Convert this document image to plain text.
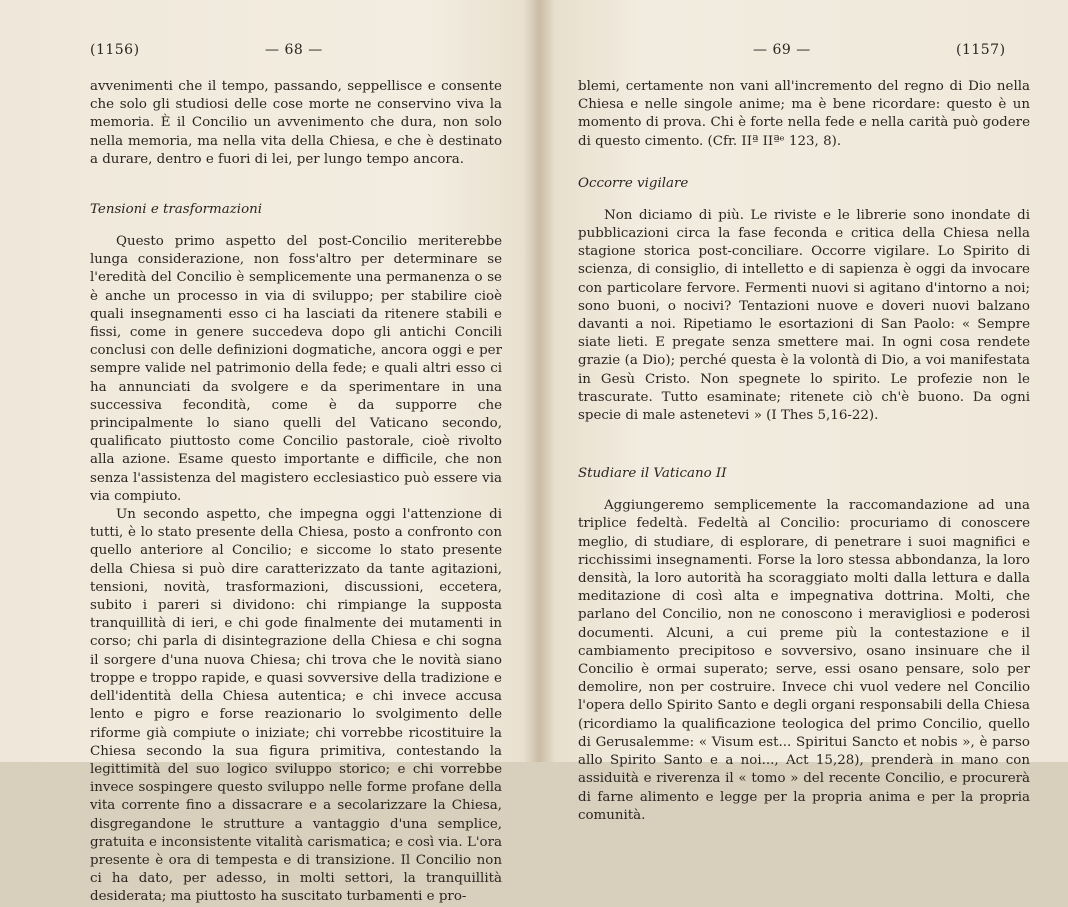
(1156)	— 68 —

avvenimenti che il tempo, passando, seppellisce e consente che solo gli studiosi delle cose morte ne conservino viva la memoria. È il Concilio un avvenimento che dura, non solo nella memoria, ma nella vita della Chiesa, e che è destinato a durare, dentro e fuori di lei, per lungo tempo ancora.

Tensioni e trasformazioni

Questo primo aspetto del post-Concilio meriterebbe lunga considerazione, non foss'altro per determinare se l'eredità del Concilio è semplicemente una permanenza o se è anche un processo in via di sviluppo; per stabilire cioè quali insegnamenti esso ci ha lasciati da ritenere stabili e fissi, come in genere succedeva dopo gli antichi Concili conclusi con delle definizioni dogmatiche, ancora oggi e per sempre valide nel patrimonio della fede; e quali altri esso ci ha annunciati da svolgere e da sperimentare in una successiva fecondità, come è da supporre che principalmente lo siano quelli del Vaticano secondo, qualificato piuttosto come Concilio pastorale, cioè rivolto alla azione. Esame questo importante e difficile, che non senza l'assistenza del magistero ecclesiastico può essere via via compiuto.

Un secondo aspetto, che impegna oggi l'attenzione di tutti, è lo stato presente della Chiesa, posto a confronto con quello anteriore al Concilio; e siccome lo stato presente della Chiesa si può dire caratterizzato da tante agitazioni, tensioni, novità, trasformazioni, discussioni, eccetera, subito i pareri si dividono: chi rimpiange la supposta tranquillità di ieri, e chi gode finalmente dei mutamenti in corso; chi parla di disintegrazione della Chiesa e chi sogna il sorgere d'una nuova Chiesa; chi trova che le novità siano troppe e troppo rapide, e quasi sovversive della tradizione e dell'identità della Chiesa autentica; e chi invece accusa lento e pigro e forse reazionario lo svolgimento delle riforme già compiute o iniziate; chi vorrebbe ricostituire la Chiesa secondo la sua figura primitiva, contestando la legittimità del suo logico sviluppo storico; e chi vorrebbe invece sospingere questo sviluppo nelle forme profane della vita corrente fino a dissacrare e a secolarizzare la Chiesa, disgregandone le strutture a vantaggio d'una semplice, gratuita e inconsistente vitalità carismatica; e così via. L'ora presente è ora di tempesta e di transizione. Il Concilio non ci ha dato, per adesso, in molti settori, la tranquillità desiderata; ma piuttosto ha suscitato turbamenti e pro-

— 69 —	(1157)

blemi, certamente non vani all'incremento del regno di Dio nella Chiesa e nelle singole anime; ma è bene ricordare: questo è un momento di prova. Chi è forte nella fede e nella carità può godere di questo cimento. (Cfr. IIª IIªᵉ 123, 8).

Occorre vigilare

Non diciamo di più. Le riviste e le librerie sono inondate di pubblicazioni circa la fase feconda e critica della Chiesa nella stagione storica post-conciliare. Occorre vigilare. Lo Spirito di scienza, di consiglio, di intelletto e di sapienza è oggi da invocare con particolare fervore. Fermenti nuovi si agitano d'intorno a noi; sono buoni, o nocivi? Tentazioni nuove e doveri nuovi balzano davanti a noi. Ripetiamo le esortazioni di San Paolo: « Sempre siate lieti. E pregate senza smettere mai. In ogni cosa rendete grazie (a Dio); perché questa è la volontà di Dio, a voi manifestata in Gesù Cristo. Non spegnete lo spirito. Le profezie non le trascurate. Tutto esaminate; ritenete ciò ch'è buono. Da ogni specie di male astenetevi » (I Thes 5,16-22).

Studiare il Vaticano II

Aggiungeremo semplicemente la raccomandazione ad una triplice fedeltà. Fedeltà al Concilio: procuriamo di conoscere meglio, di studiare, di esplorare, di penetrare i suoi magnifici e ricchissimi insegnamenti. Forse la loro stessa abbondanza, la loro densità, la loro autorità ha scoraggiato molti dalla lettura e dalla meditazione di così alta e impegnativa dottrina. Molti, che parlano del Concilio, non ne conoscono i meravigliosi e poderosi documenti. Alcuni, a cui preme più la contestazione e il cambiamento precipitoso e sovversivo, osano insinuare che il Concilio è ormai superato; serve, essi osano pensare, solo per demolire, non per costruire. Invece chi vuol vedere nel Concilio l'opera dello Spirito Santo e degli organi responsabili della Chiesa (ricordiamo la qualificazione teologica del primo Concilio, quello di Gerusalemme: « Visum est... Spiritui Sancto et nobis », è parso allo Spirito Santo e a noi..., Act 15,28), prenderà in mano con assiduità e riverenza il « tomo » del recente Concilio, e procurerà di farne alimento e legge per la propria anima e per la propria comunità.
